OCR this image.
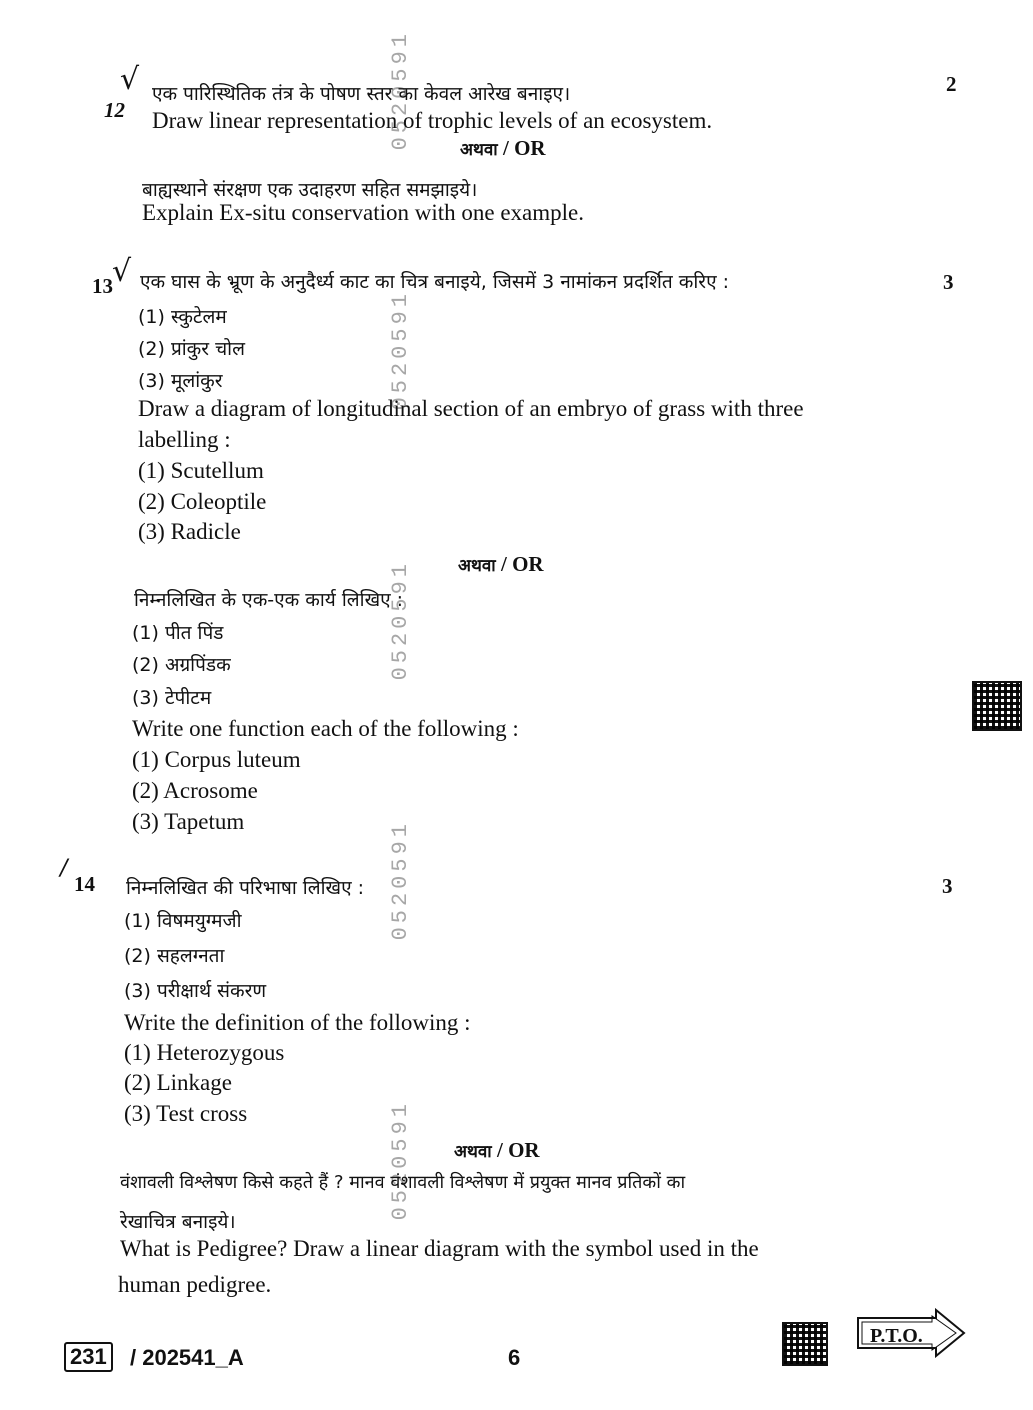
0520591
0520591
0520591
0520591
0520591
√
12
एक पारिस्थितिक तंत्र के पोषण स्तर का केवल आरेख बनाइए।	2
Draw linear representation of trophic levels of an ecosystem.
अथवा / OR
बाह्यस्थाने संरक्षण एक उदाहरण सहित समझाइये।
Explain Ex-situ conservation with one example.
13 √ एक घास के भ्रूण के अनुदैर्ध्य काट का चित्र बनाइये, जिसमें 3 नामांकन प्रदर्शित करिए :	3
(1) स्कुटेलम
(2) प्रांकुर चोल
(3) मूलांकुर
Draw a diagram of longitudinal section of an embryo of grass with three
labelling :
(1) Scutellum
(2) Coleoptile
(3) Radicle
अथवा / OR
निम्नलिखित के एक-एक कार्य लिखिए :
(1) पीत पिंड
(2) अग्रपिंडक
(3) टेपीटम
Write one function each of the following :
(1) Corpus luteum
(2) Acrosome
(3) Tapetum
/
14 निम्नलिखित की परिभाषा लिखिए :	3
(1) विषमयुग्मजी
(2) सहलग्नता
(3) परीक्षार्थ संकरण
Write the definition of the following :
(1) Heterozygous
(2) Linkage
(3) Test cross
अथवा / OR
वंशावली विश्लेषण किसे कहते हैं ? मानव वंशावली विश्लेषण में प्रयुक्त मानव प्रतिकों का
रेखाचित्र बनाइये।
What is Pedigree? Draw a linear diagram with the symbol used in the
human pedigree.
231 / 202541_A	6
P.T.O.
